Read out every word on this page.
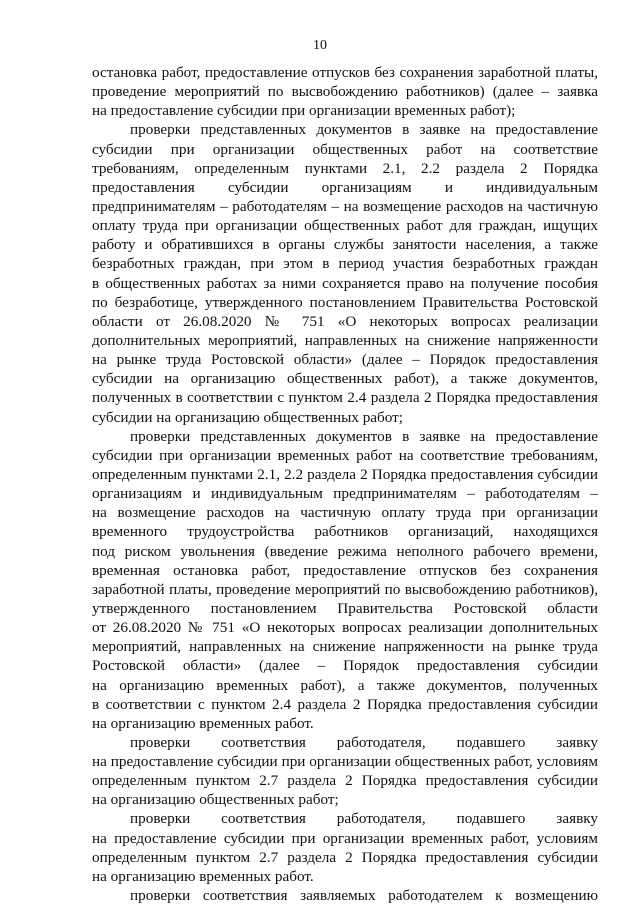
10
остановка работ, предоставление отпусков без сохранения заработной платы,
проведение мероприятий по высвобождению работников) (далее – заявка
на предоставление субсидии при организации временных работ);
проверки представленных документов в заявке на предоставление
субсидии при организации общественных работ на соответствие
требованиям, определенным пунктами 2.1, 2.2 раздела 2 Порядка
предоставления субсидии организациям и индивидуальным
предпринимателям – работодателям – на возмещение расходов на частичную
оплату труда при организации общественных работ для граждан, ищущих
работу и обратившихся в органы службы занятости населения, а также
безработных граждан, при этом в период участия безработных граждан
в общественных работах за ними сохраняется право на получение пособия
по безработице, утвержденного постановлением Правительства Ростовской
области от 26.08.2020 № 751 «О некоторых вопросах реализации
дополнительных мероприятий, направленных на снижение напряженности
на рынке труда Ростовской области» (далее – Порядок предоставления
субсидии на организацию общественных работ), а также документов,
полученных в соответствии с пунктом 2.4 раздела 2 Порядка предоставления
субсидии на организацию общественных работ;
проверки представленных документов в заявке на предоставление
субсидии при организации временных работ на соответствие требованиям,
определенным пунктами 2.1, 2.2 раздела 2 Порядка предоставления субсидии
организациям и индивидуальным предпринимателям – работодателям –
на возмещение расходов на частичную оплату труда при организации
временного трудоустройства работников организаций, находящихся
под риском увольнения (введение режима неполного рабочего времени,
временная остановка работ, предоставление отпусков без сохранения
заработной платы, проведение мероприятий по высвобождению работников),
утвержденного постановлением Правительства Ростовской области
от 26.08.2020 № 751 «О некоторых вопросах реализации дополнительных
мероприятий, направленных на снижение напряженности на рынке труда
Ростовской области» (далее – Порядок предоставления субсидии
на организацию временных работ), а также документов, полученных
в соответствии с пунктом 2.4 раздела 2 Порядка предоставления субсидии
на организацию временных работ.
проверки соответствия работодателя, подавшего заявку
на предоставление субсидии при организации общественных работ, условиям
определенным пунктом 2.7 раздела 2 Порядка предоставления субсидии
на организацию общественных работ;
проверки соответствия работодателя, подавшего заявку
на предоставление субсидии при организации временных работ, условиям
определенным пунктом 2.7 раздела 2 Порядка предоставления субсидии
на организацию временных работ.
проверки соответствия заявляемых работодателем к возмещению
